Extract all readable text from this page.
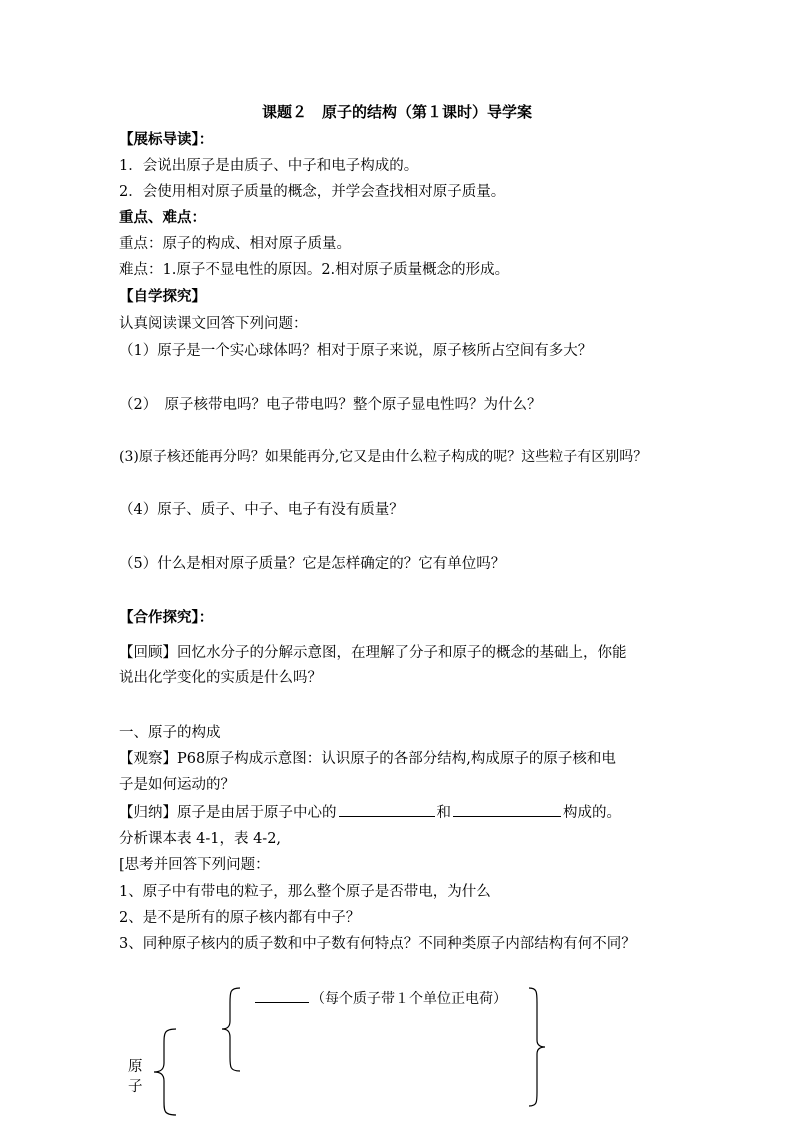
课题２　原子的结构（第１课时）导学案
【展标导读】：
1．会说出原子是由质子、中子和电子构成的。
2．会使用相对原子质量的概念，并学会查找相对原子质量。
重点、难点：
重点：原子的构成、相对原子质量。
难点：1.原子不显电性的原因。2.相对原子质量概念的形成。
【自学探究】
认真阅读课文回答下列问题：
（1）原子是一个实心球体吗？相对于原子来说，原子核所占空间有多大？
（2）　原子核带电吗？电子带电吗？整个原子显电性吗？为什么？
(3)原子核还能再分吗？如果能再分,它又是由什么粒子构成的呢？这些粒子有区别吗？
（4）原子、质子、中子、电子有没有质量？
（5）什么是相对原子质量？它是怎样确定的？它有单位吗？
【合作探究】：
【回顾】回忆水分子的分解示意图，在理解了分子和原子的概念的基础上，你能
说出化学变化的实质是什么吗？
一、原子的构成
【观察】P68原子构成示意图：认识原子的各部分结构,构成原子的原子核和电
子是如何运动的？
【归纳】原子是由居于原子中心的	和	构成的。
分析课本表 4-1，表 4-2,
[思考并回答下列问题：
1、原子中有带电的粒子，那么整个原子是否带电，为什么
2、是不是所有的原子核内都有中子？
3、同种原子核内的质子数和中子数有何特点？不同种类原子内部结构有何不同？
（每个质子带１个单位正电荷）
原
子
